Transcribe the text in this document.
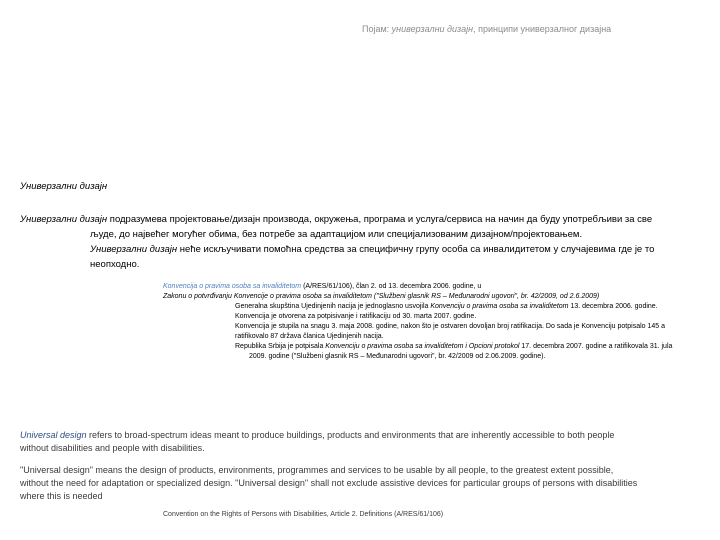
Појам: универзални дизајн, принципи универзалног дизајна
Универзални дизајн
Универзални дизајн подразумева пројектовање/дизајн производа, окружења, програма и услуга/сервиса на начин да буду употребљиви за све
људе, до највећег могућег обима, без потребе за адаптацијом или специјализованим дизајном/пројектовањем.
Универзални дизајн неће искључивати помоћна средства за специфичну групу особа са инвалидитетом у случајевима где је то
неопходно.
Konvencija o pravima osoba sa invaliditetom (A/RES/61/106), član 2. od 13. decembra 2006. godine, u
Zakonu o potvrđivanju Konvencije o pravima osoba sa invaliditetom ("Službeni glasnik RS – Međunarodni ugovori", br. 42/2009, od 2.6.2009)
Generalna skupština Ujedinjenih nacija je jednoglasno usvojila Konvenciju o pravima osoba sa invaliditetom 13. decembra 2006. godine.
Konvencija je otvorena za potpisivanje i ratifikaciju od 30. marta 2007. godine.
Konvencija je stupila na snagu 3. maja 2008. godine, nakon što je ostvaren dovoljan broj ratifikacija. Do sada je Konvenciju potpisalo 145 a
ratifikovalo 87 država članica Ujedinjenih nacija.
Republika Srbija je potpisala Konvenciju o pravima osoba sa invaliditetom i Opcioni protokol 17. decembra 2007. godine a ratifikovala 31. jula
2009. godine ("Službeni glasnik RS – Međunarodni ugovori", br. 42/2009 od 2.06.2009. godine).

Universal design refers to broad-spectrum ideas meant to produce buildings, products and environments that are inherently accessible to both people
without disabilities and people with disabilities.

"Universal design" means the design of products, environments, programmes and services to be usable by all people, to the greatest extent possible,
without the need for adaptation or specialized design. "Universal design" shall not exclude assistive devices for particular groups of persons with disabilities
where this is needed

Convention on the Rights of Persons with Disabilities, Article 2. Definitions (A/RES/61/106)
